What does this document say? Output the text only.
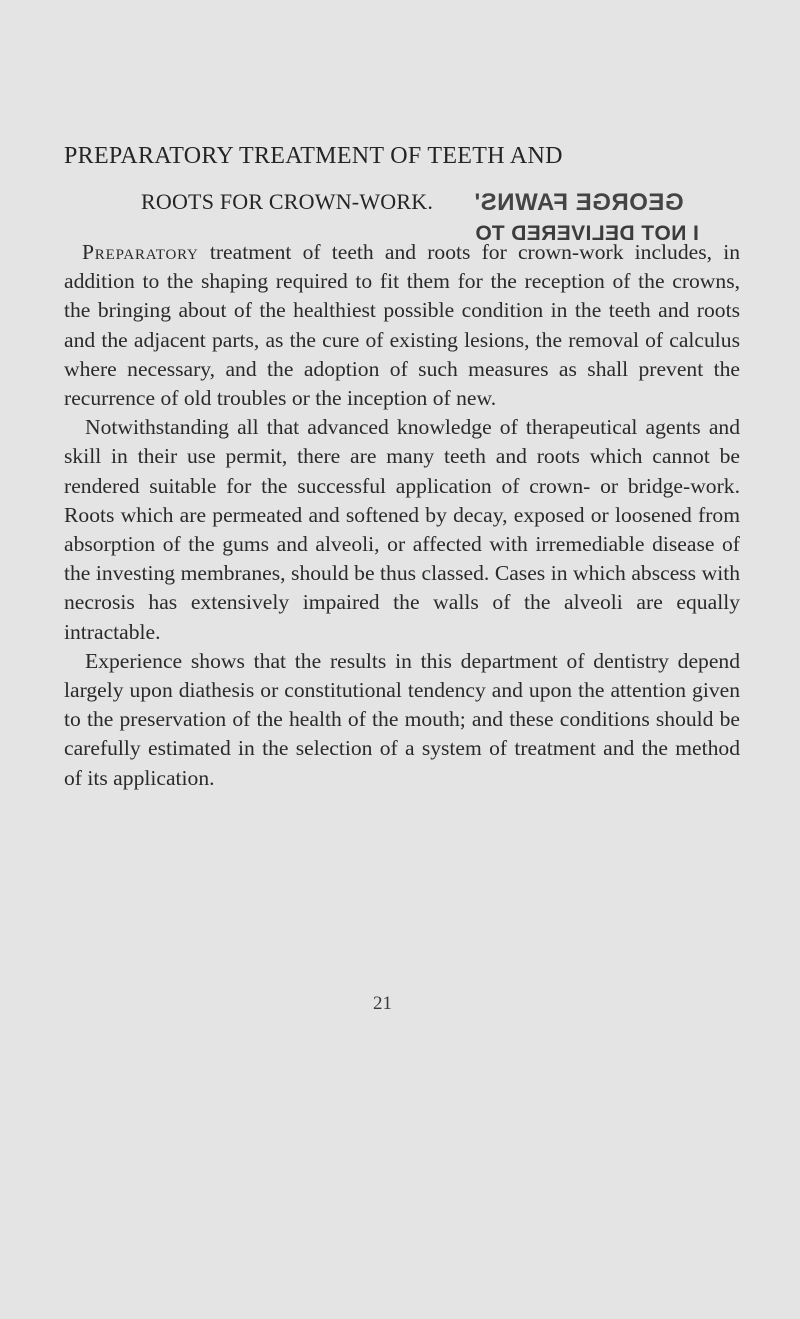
PREPARATORY TREATMENT OF TEETH AND
ROOTS FOR CROWN-WORK. GEORGE FAWNS'
I NOT DELIVERED TO

Preparatory treatment of teeth and roots for crown-work includes, in addition to the shaping required to fit them for the reception of the crowns, the bringing about of the healthiest possible condition in the teeth and roots and the adjacent parts, as the cure of existing lesions, the removal of calculus where necessary, and the adoption of such measures as shall prevent the recurrence of old troubles or the inception of new.

Notwithstanding all that advanced knowledge of therapeutical agents and skill in their use permit, there are many teeth and roots which cannot be rendered suitable for the successful application of crown- or bridge-work. Roots which are permeated and softened by decay, exposed or loosened from absorption of the gums and alveoli, or affected with irremediable disease of the investing membranes, should be thus classed. Cases in which abscess with necrosis has extensively impaired the walls of the alveoli are equally intractable.

Experience shows that the results in this department of dentistry depend largely upon diathesis or constitutional tendency and upon the attention given to the preservation of the health of the mouth; and these conditions should be carefully estimated in the selection of a system of treatment and the method of its application.

21
